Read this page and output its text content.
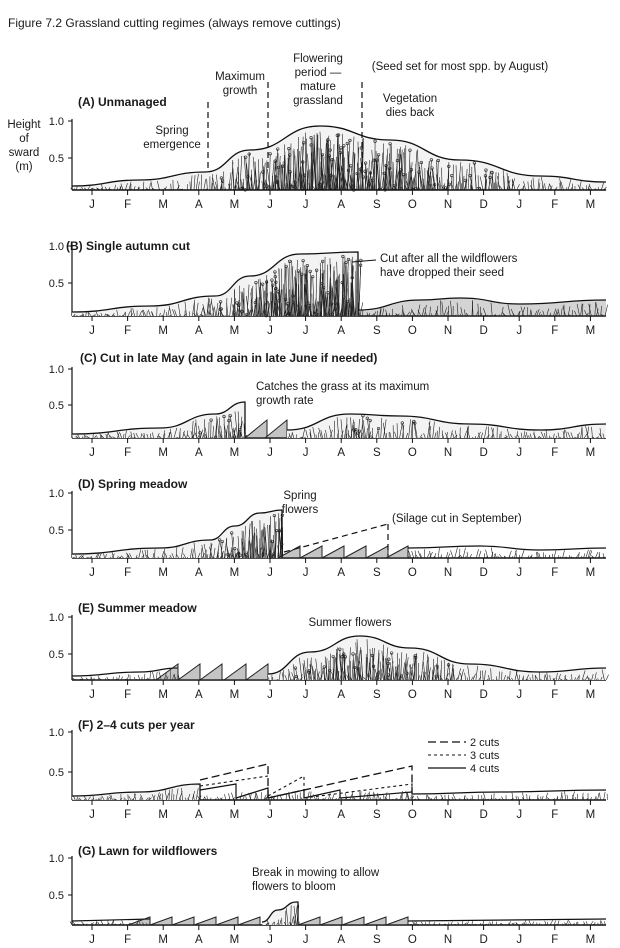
Figure 7.2 Grassland cutting regimes (always remove cuttings)
(A) Unmanaged
Height
of
sward
(m)
J	F M A M J	J	A S O N D J	F M
1.0
0.5
Spring
emergence
Maximum
growth
Flowering
period —
mature
grassland
(Seed set for most spp. by August)
Vegetation
dies back
(B) Single autumn cut
J	F M A M J	J	A S O N D J	F M
1.0
0.5
Cut after all the wildflowers
have dropped their seed
(C) Cut in late May (and again in late June if needed)
J	F M A M J	J	A S O N D J	F M
1.0
0.5
Catches the grass at its maximum
growth rate
(D) Spring meadow
J	F M A M J	J	A S O N D J	F M
1.0
0.5
Spring
flowers
(Silage cut in September)
(E) Summer meadow
J	F M A M J	J	A S O N D J	F M
1.0
0.5
Summer flowers
(F) 2–4 cuts per year
J	F M A M J	J	A S O N D J	F M
1.0
0.5
2 cuts
3 cuts
4 cuts
(G) Lawn for wildflowers
J	F M A M J	J	A S O N D J	F M
1.0
0.5
Break in mowing to allow
flowers to bloom
